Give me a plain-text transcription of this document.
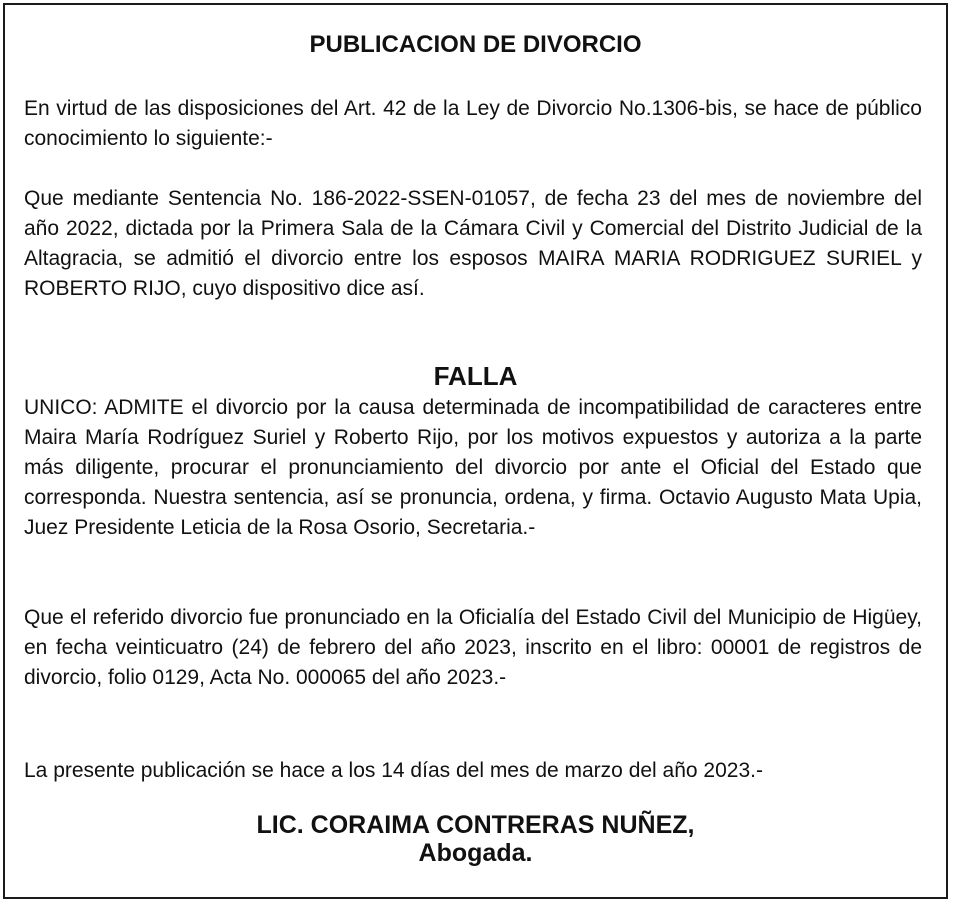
PUBLICACION DE DIVORCIO

En virtud de las disposiciones del Art. 42 de la Ley de Divorcio No.1306-bis, se hace de público conocimiento lo siguiente:-

Que mediante Sentencia No. 186-2022-SSEN-01057, de fecha 23 del mes de noviembre del año 2022, dictada por la Primera Sala de la Cámara Civil y Comercial del Distrito Judicial de la Altagracia, se admitió el divorcio entre los esposos MAIRA MARIA RODRIGUEZ SURIEL y ROBERTO RIJO, cuyo dispositivo dice así.

FALLA

UNICO: ADMITE el divorcio por la causa determinada de incompatibilidad de caracteres entre Maira María Rodríguez Suriel y Roberto Rijo, por los motivos expuestos y autoriza a la parte más diligente, procurar el pronunciamiento del divorcio por ante el Oficial del Estado que corresponda. Nuestra sentencia, así se pronuncia, ordena, y firma. Octavio Augusto Mata Upia, Juez Presidente Leticia de la Rosa Osorio, Secretaria.-

Que el referido divorcio fue pronunciado en la Oficialía del Estado Civil del Municipio de Higüey, en fecha veinticuatro (24) de febrero del año 2023, inscrito en el libro: 00001 de registros de divorcio, folio 0129, Acta No. 000065 del año 2023.-

La presente publicación se hace a los 14 días del mes de marzo del año 2023.-

LIC. CORAIMA CONTRERAS NUÑEZ,
Abogada.
